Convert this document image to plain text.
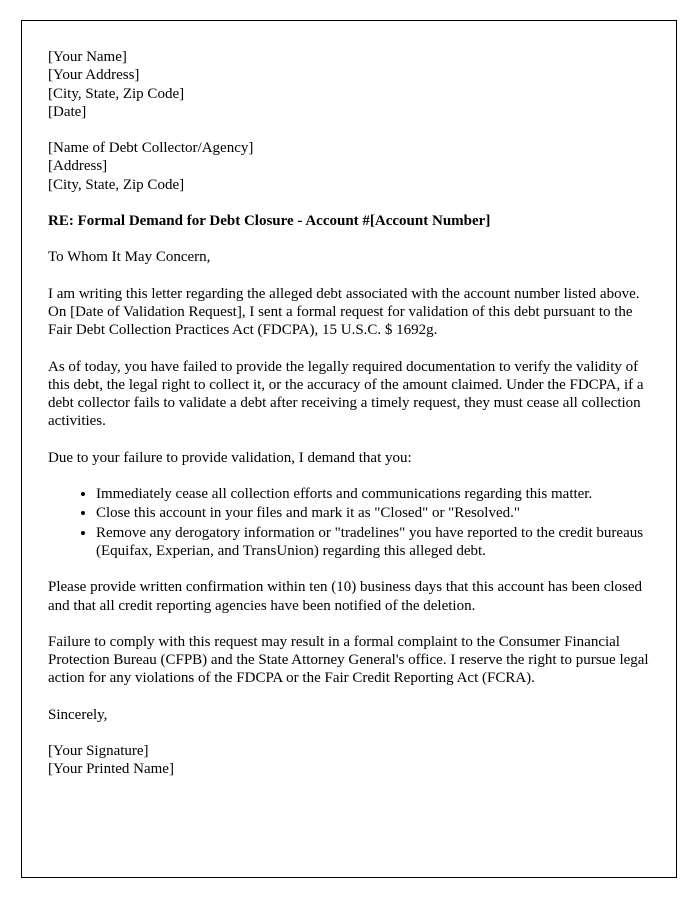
[Your Name]

[Your Address]

[City, State, Zip Code]

[Date]

[Name of Debt Collector/Agency]

[Address]

[City, State, Zip Code]

RE: Formal Demand for Debt Closure - Account #[Account Number]

To Whom It May Concern,

I am writing this letter regarding the alleged debt associated with the account number listed above. On [Date of Validation Request], I sent a formal request for validation of this debt pursuant to the Fair Debt Collection Practices Act (FDCPA), 15 U.S.C. $ 1692g.

As of today, you have failed to provide the legally required documentation to verify the validity of this debt, the legal right to collect it, or the accuracy of the amount claimed. Under the FDCPA, if a debt collector fails to validate a debt after receiving a timely request, they must cease all collection activities.

Due to your failure to provide validation, I demand that you:

• Immediately cease all collection efforts and communications regarding this matter.
• Close this account in your files and mark it as "Closed" or "Resolved."
• Remove any derogatory information or "tradelines" you have reported to the credit bureaus (Equifax, Experian, and TransUnion) regarding this alleged debt.

Please provide written confirmation within ten (10) business days that this account has been closed and that all credit reporting agencies have been notified of the deletion.

Failure to comply with this request may result in a formal complaint to the Consumer Financial Protection Bureau (CFPB) and the State Attorney General's office. I reserve the right to pursue legal action for any violations of the FDCPA or the Fair Credit Reporting Act (FCRA).

Sincerely,

[Your Signature]

[Your Printed Name]
